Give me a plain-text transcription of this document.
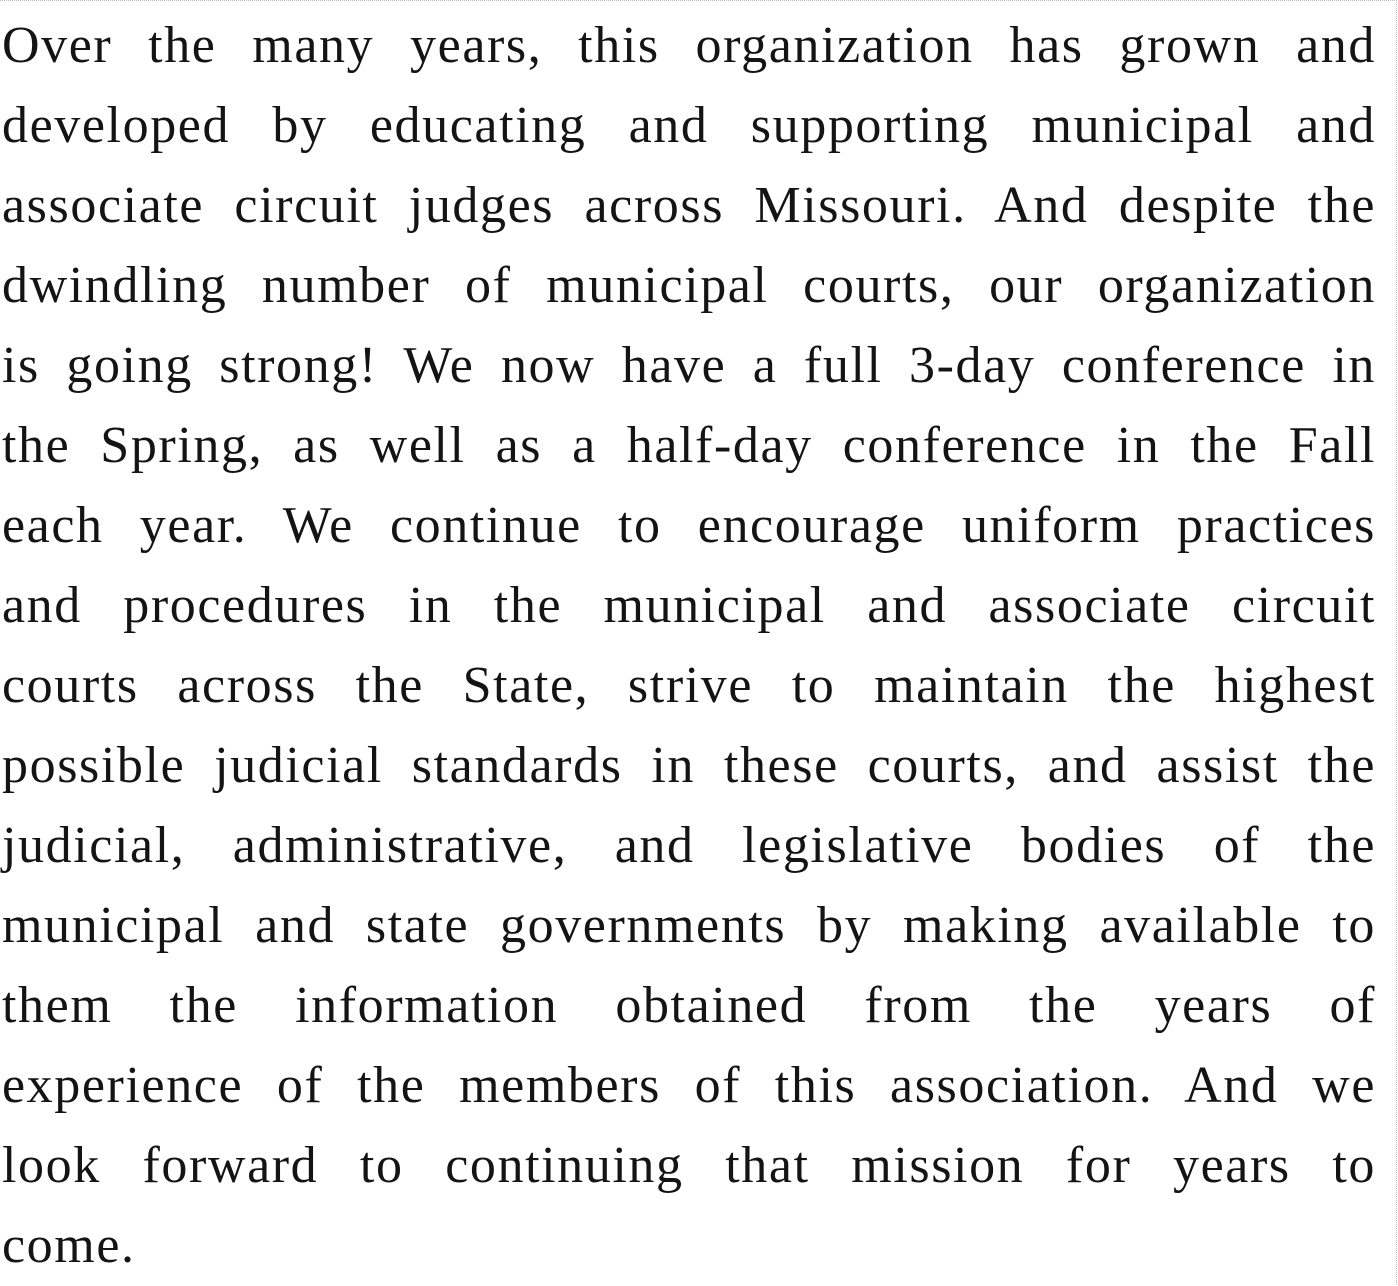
Over the many years, this organization has grown and
developed by educating and supporting municipal and
associate circuit judges across Missouri. And despite the
dwindling number of municipal courts, our organization
is going strong! We now have a full 3-day conference in
the Spring, as well as a half-day conference in the Fall
each year. We continue to encourage uniform practices
and procedures in the municipal and associate circuit
courts across the State, strive to maintain the highest
possible judicial standards in these courts, and assist the
judicial, administrative, and legislative bodies of the
municipal and state governments by making available to
them the information obtained from the years of
experience of the members of this association. And we
look forward to continuing that mission for years to
come.
